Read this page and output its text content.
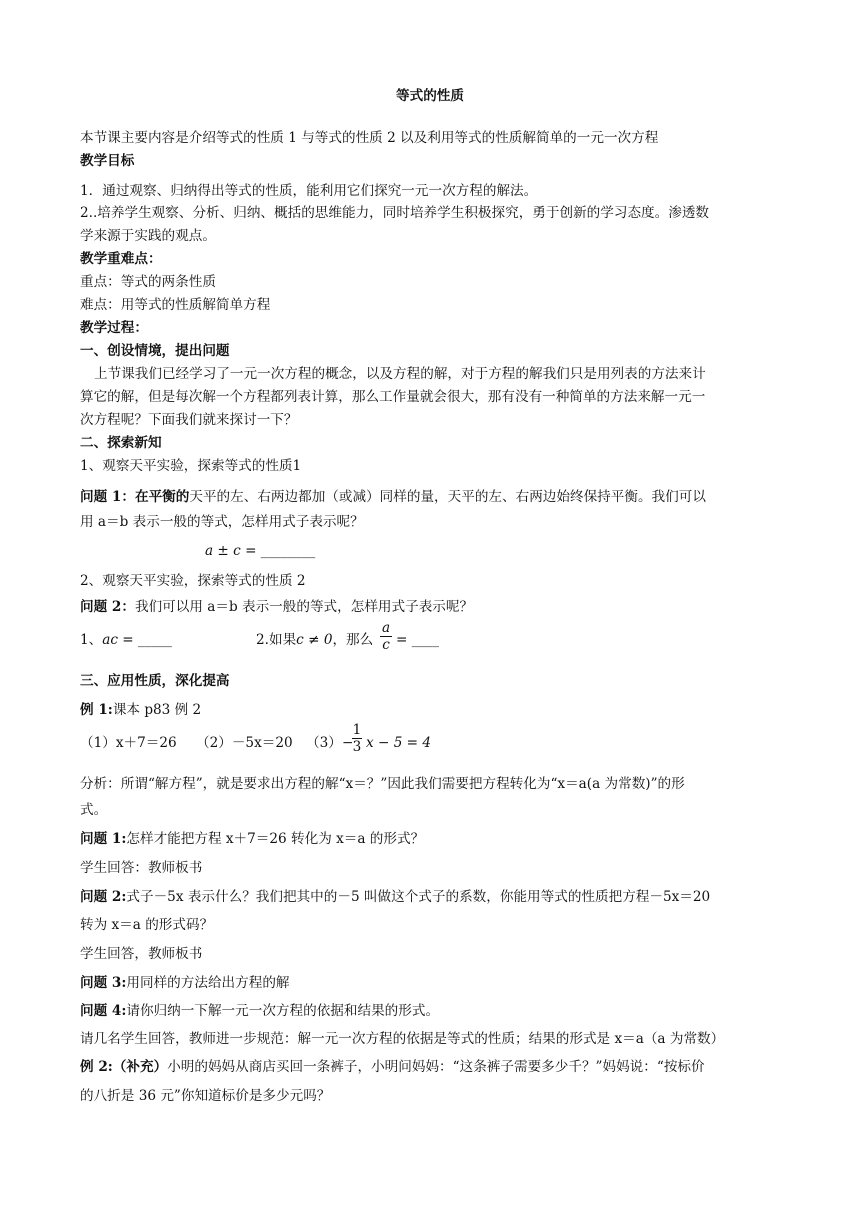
等式的性质
本节课主要内容是介绍等式的性质 1 与等式的性质 2 以及利用等式的性质解简单的一元一次方程
教学目标
1．通过观察、归纳得出等式的性质，能利用它们探究一元一次方程的解法。
2..培养学生观察、分析、归纳、概括的思维能力，同时培养学生积极探究，勇于创新的学习态度。渗透数
学来源于实践的观点。
教学重难点：
重点：等式的两条性质
难点：用等式的性质解简单方程
教学过程：
一、创设情境，提出问题
上节课我们已经学习了一元一次方程的概念，以及方程的解，对于方程的解我们只是用列表的方法来计
算它的解，但是每次解一个方程都列表计算，那么工作量就会很大，那有没有一种简单的方法来解一元一
次方程呢？下面我们就来探讨一下？
二、探索新知
1、观察天平实验，探索等式的性质1
问题 1：在平衡的天平的左、右两边都加（或减）同样的量，天平的左、右两边始终保持平衡。我们可以
用 a＝b 表示一般的等式，怎样用式子表示呢？
a ± c = ________
2、观察天平实验，探索等式的性质 2
问题 2：我们可以用 a＝b 表示一般的等式，怎样用式子表示呢？
1、ac = _____	2.如果c ≠ 0，那么 $\frac{a}{c}$ = ____
三、应用性质，深化提高
例 1:课本 p83 例 2
（1）x＋7＝26 （2）－5x＝20 （3） −
$\frac{1}{3}$ x − 5 = 4
分析：所谓“解方程”，就是要求出方程的解“x＝？”因此我们需要把方程转化为“x＝a(a 为常数)”的形
式。
问题 1:怎样才能把方程 x＋7＝26 转化为 x＝a 的形式？
学生回答：教师板书
问题 2:式子－5x 表示什么？我们把其中的－5 叫做这个式子的系数，你能用等式的性质把方程－5x＝20
转为 x＝a 的形式码？
学生回答，教师板书
问题 3:用同样的方法给出方程的解
问题 4:请你归纳一下解一元一次方程的依据和结果的形式。
请几名学生回答，教师进一步规范：解一元一次方程的依据是等式的性质；结果的形式是 x＝a（a 为常数）
例 2:（补充）小明的妈妈从商店买回一条裤子，小明问妈妈：“这条裤子需要多少千？”妈妈说：“按标价
的八折是 36 元”你知道标价是多少元吗？
